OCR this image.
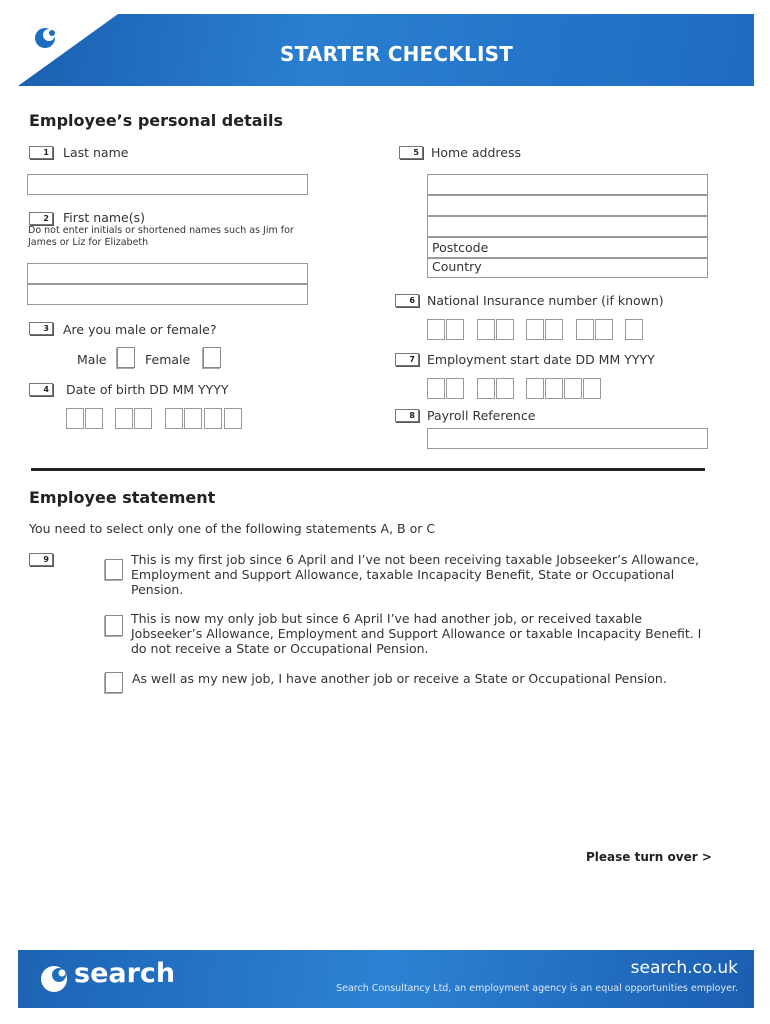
STARTER CHECKLIST
Employee’s personal details
1	Last name
2	First name(s)
Do not enter initials or shortened names such as Jim for James or Liz for Elizabeth
3	Are you male or female?
Male	Female
4	Date of birth DD MM YYYY
5 Home address
Postcode
Country
6 National Insurance number (if known)
7 Employment start date DD MM YYYY
8 Payroll Reference
Employee statement
You need to select only one of the following statements A, B or C
9	This is my first job since 6 April and I’ve not been receiving taxable Jobseeker’s Allowance, Employment and Support Allowance, taxable Incapacity Benefit, State or Occupational Pension.
This is now my only job but since 6 April I’ve had another job, or received taxable Jobseeker’s Allowance, Employment and Support Allowance or taxable Incapacity Benefit. I do not receive a State or Occupational Pension.
As well as my new job, I have another job or receive a State or Occupational Pension.
Please turn over >
search	search.co.uk
Search Consultancy Ltd, an employment agency is an equal opportunities employer.
